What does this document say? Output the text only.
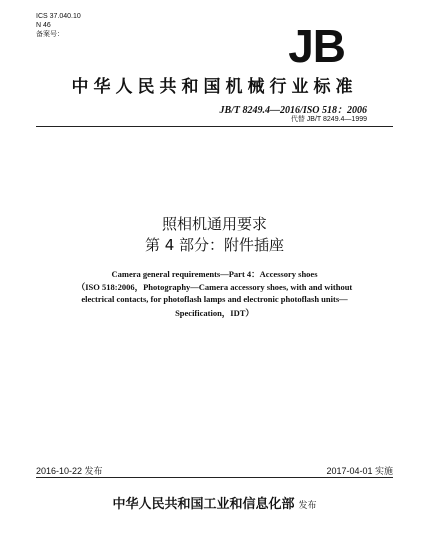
ICS 37.040.10
N 46
备案号：	JB
中华人民共和国机械行业标准
JB/T 8249.4—2016/ISO 518：2006
代替 JB/T 8249.4—1999
照相机通用要求
第 4 部分：附件插座
Camera general requirements—Part 4：Accessory shoes
（ISO 518:2006，Photography—Camera accessory shoes, with and without
electrical contacts, for photoflash lamps and electronic photoflash units—
Specification，IDT）
2016-10-22 发布	2017-04-01 实施
中华人民共和国工业和信息化部 发布
